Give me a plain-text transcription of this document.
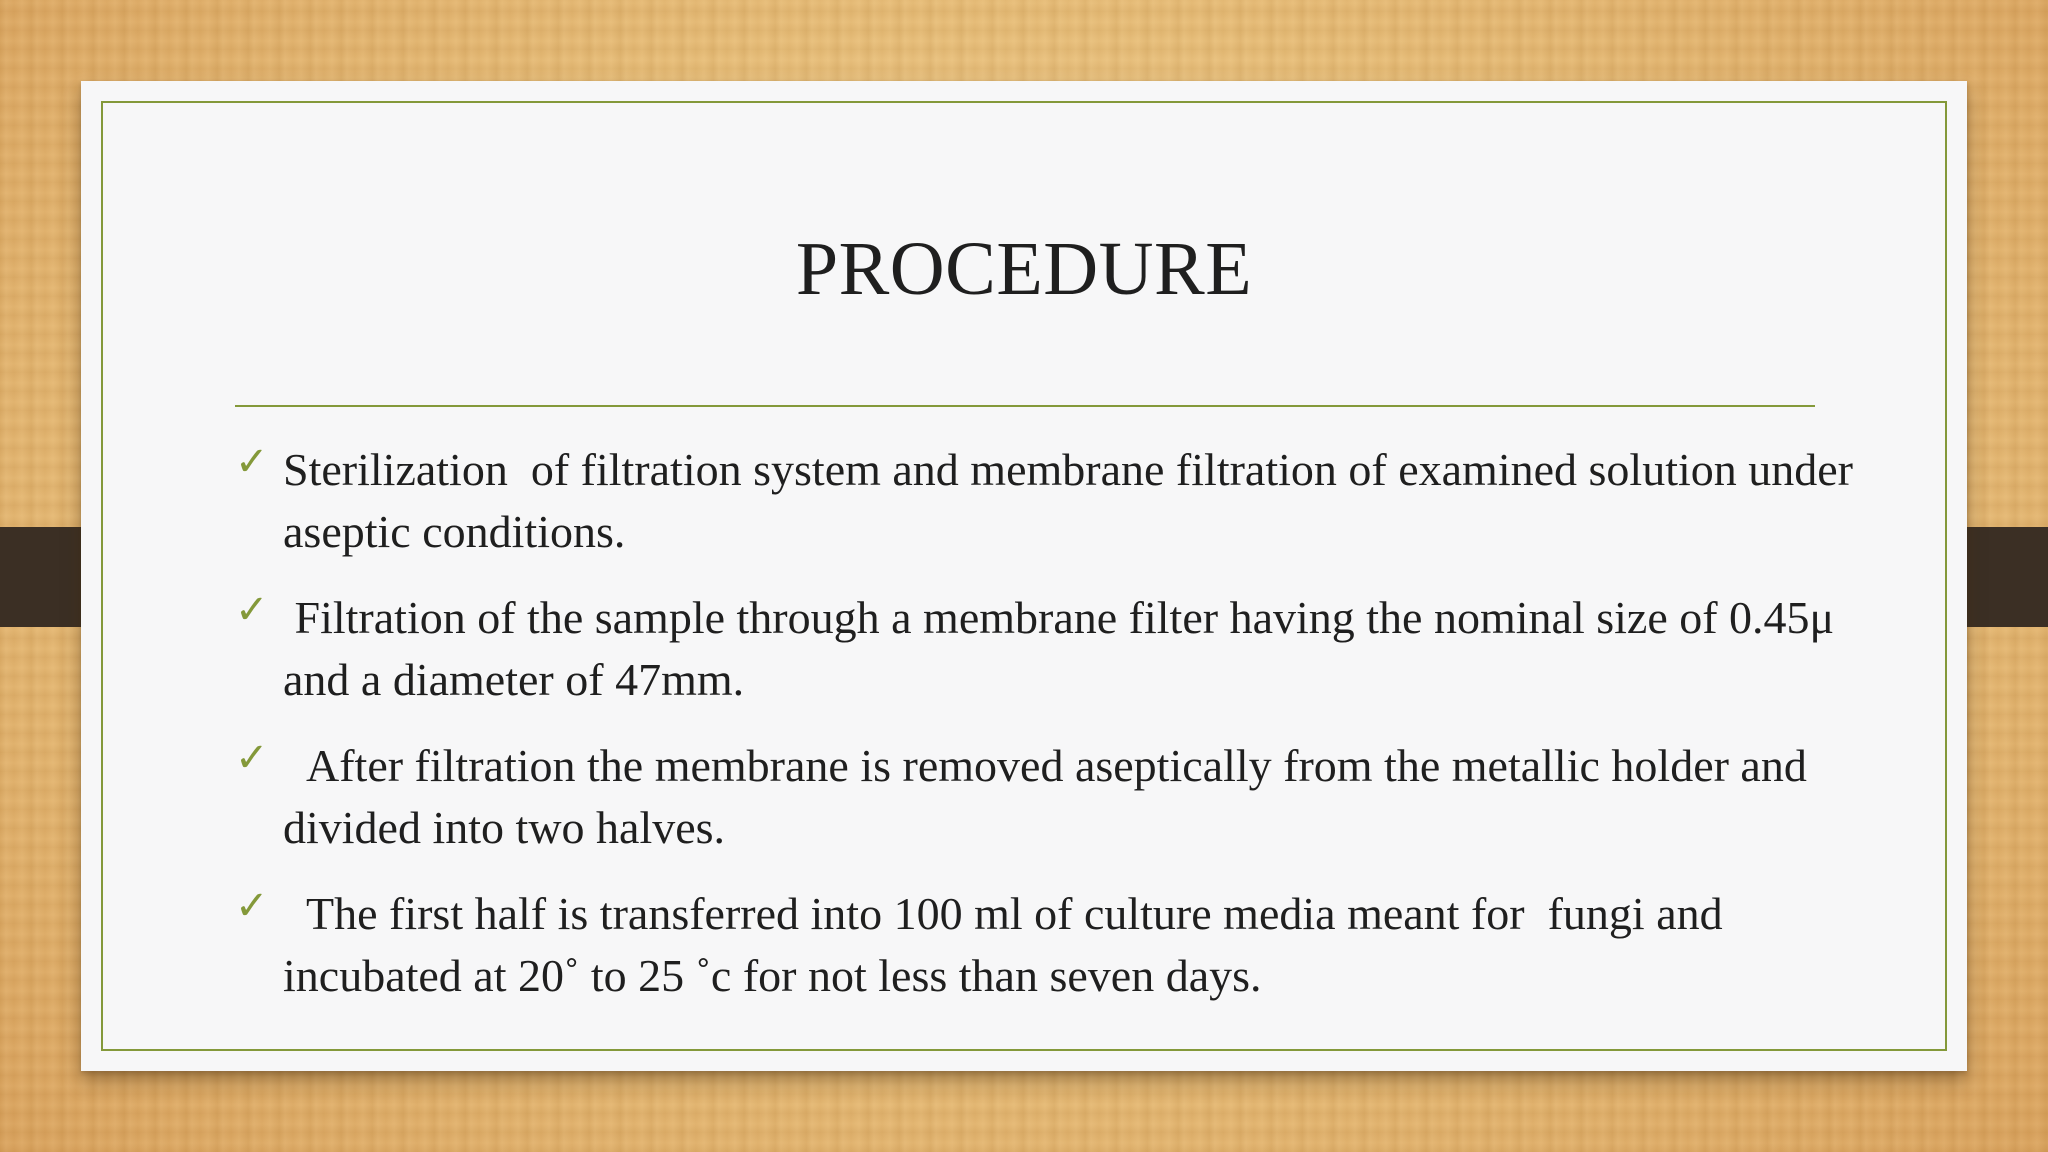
PROCEDURE
✓ Sterilization  of filtration system and membrane filtration of examined solution under aseptic conditions.
✓ Filtration of the sample through a membrane filter having the nominal size of 0.45μ and a diameter of 47mm.
✓ After filtration the membrane is removed aseptically from the metallic holder and divided into two halves.
✓ The first half is transferred into 100 ml of culture media meant for  fungi and incubated at 20˚ to 25 ˚c for not less than seven days.
